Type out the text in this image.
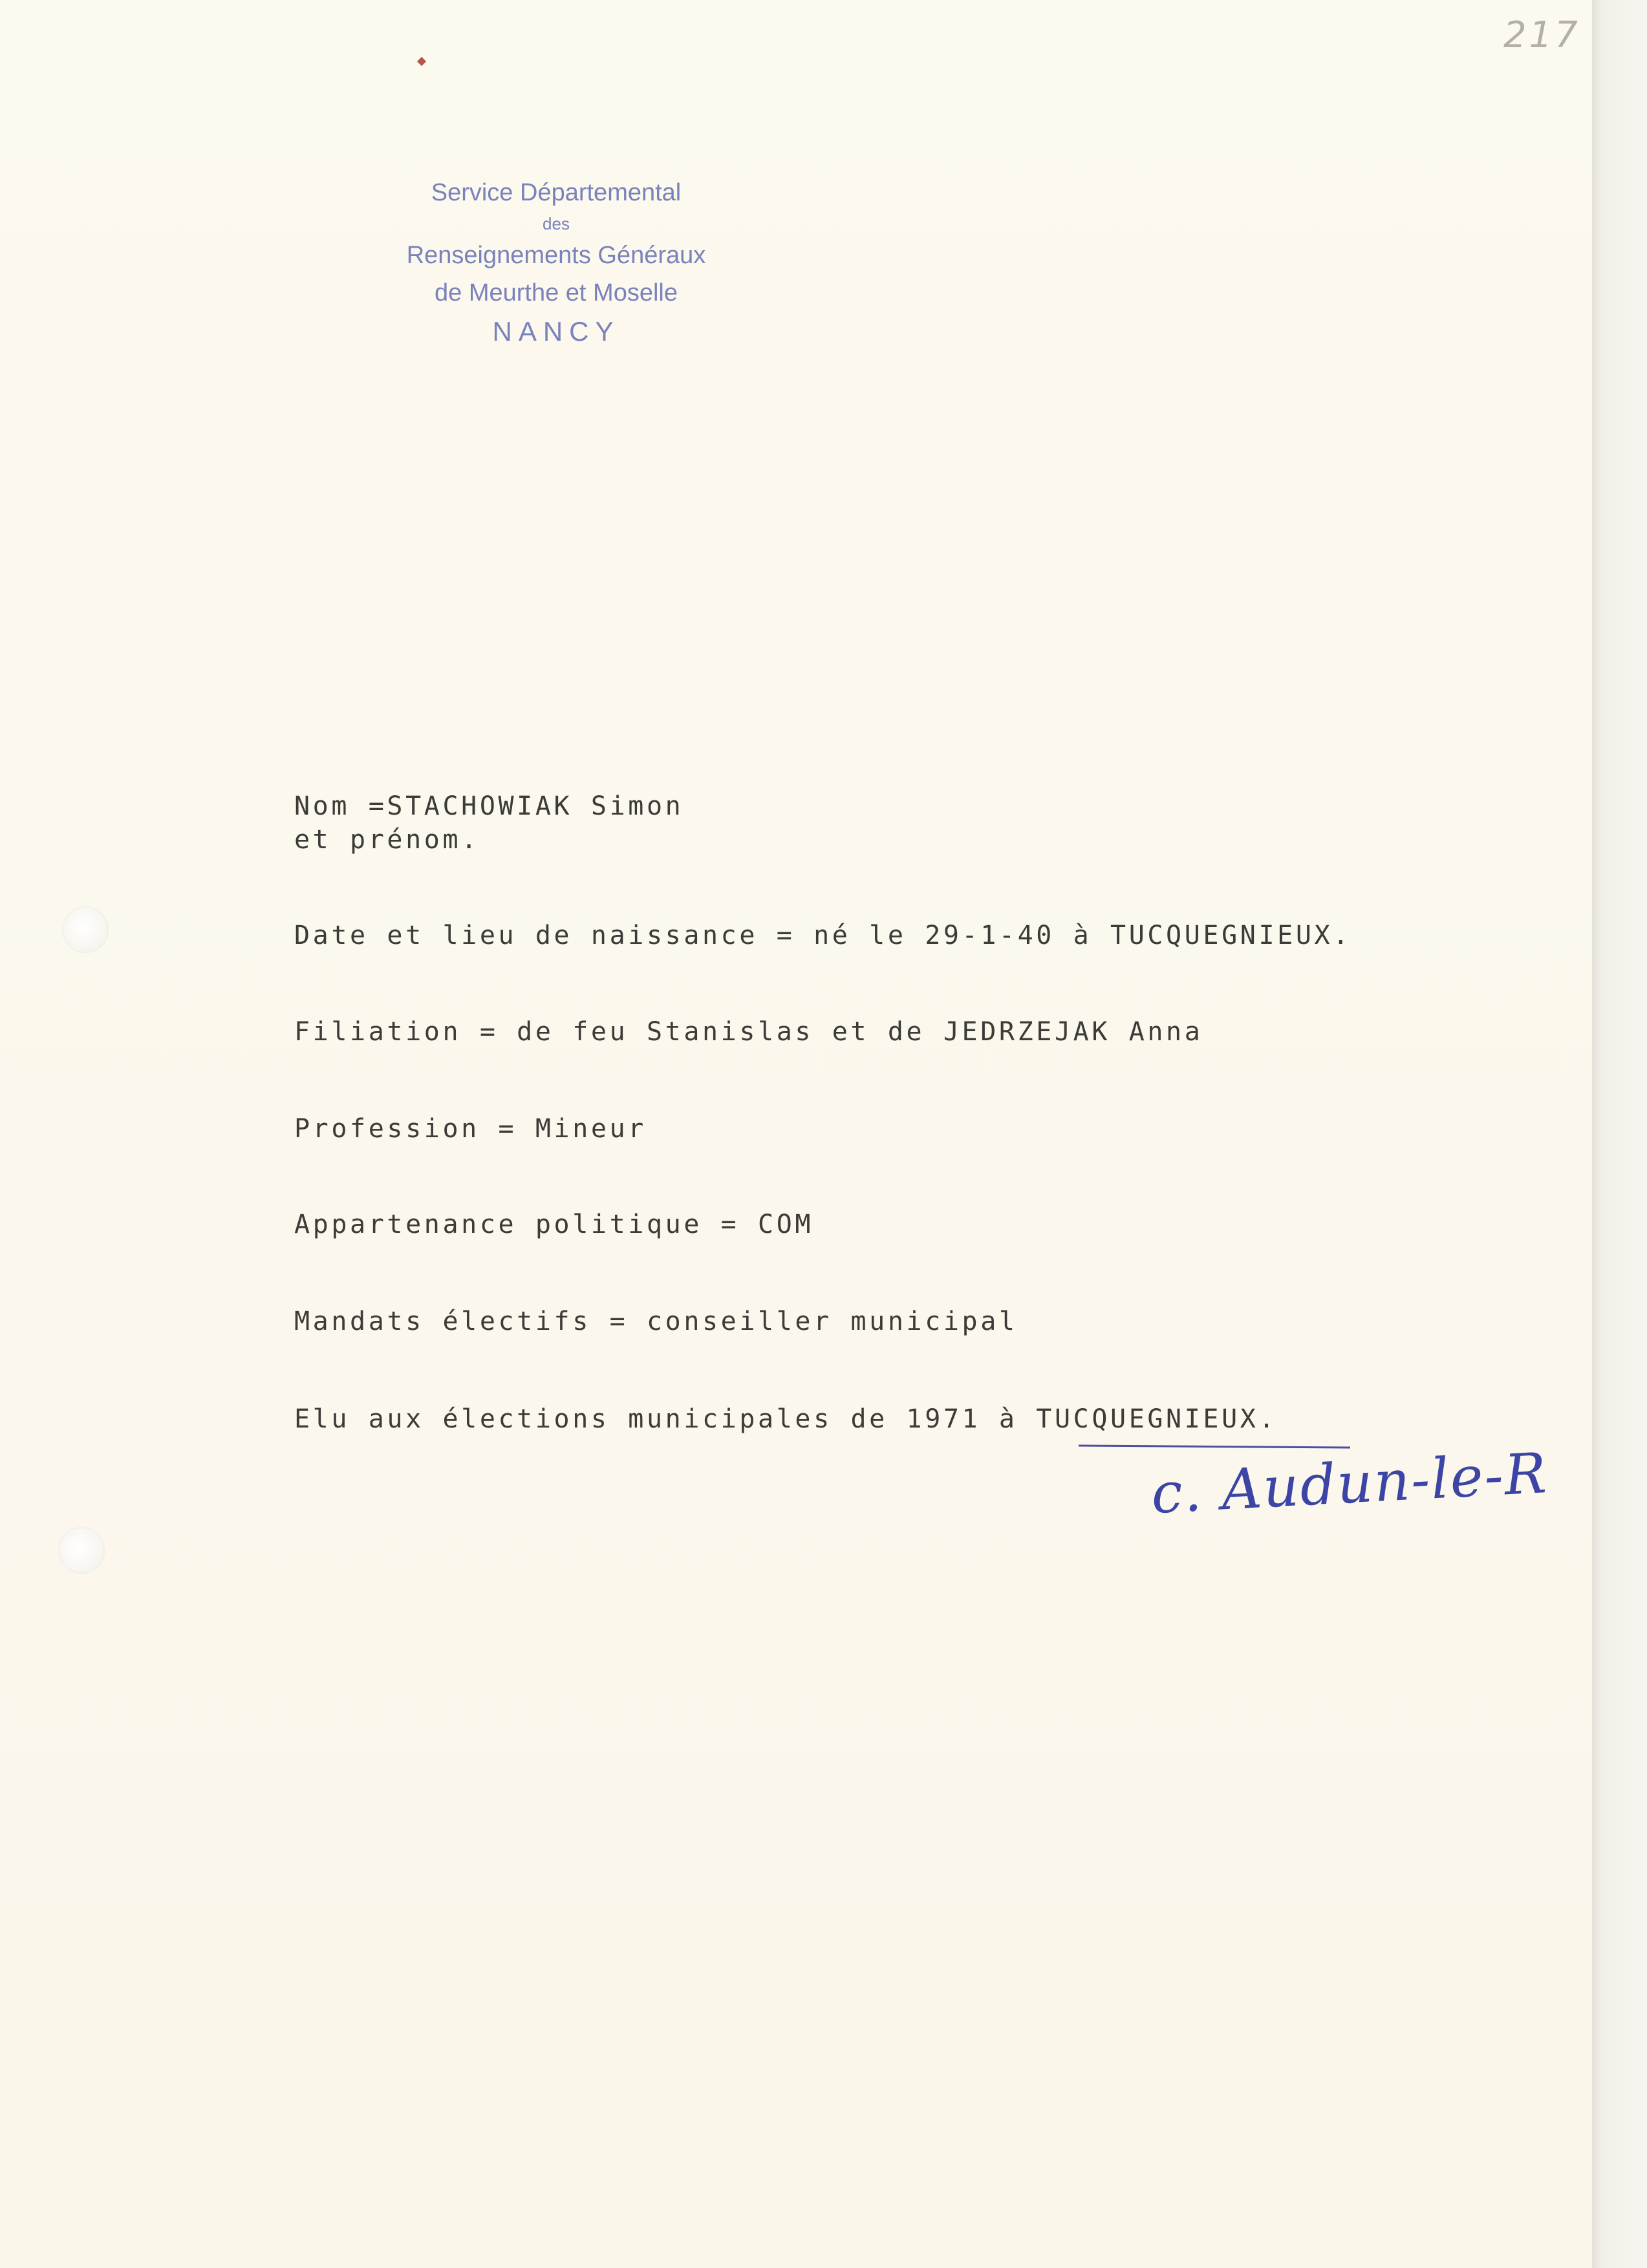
217
Service Départemental
des
Renseignements Généraux
de Meurthe et Moselle
NANCY
Nom =STACHOWIAK Simon
et prénom.
Date et lieu de naissance = né le 29-1-40 à TUCQUEGNIEUX.
Filiation = de feu Stanislas et de JEDRZEJAK Anna
Profession = Mineur
Appartenance politique = COM
Mandats électifs = conseiller municipal
Elu aux élections municipales de 1971 à TUCQUEGNIEUX.
c. Audun-le-R
